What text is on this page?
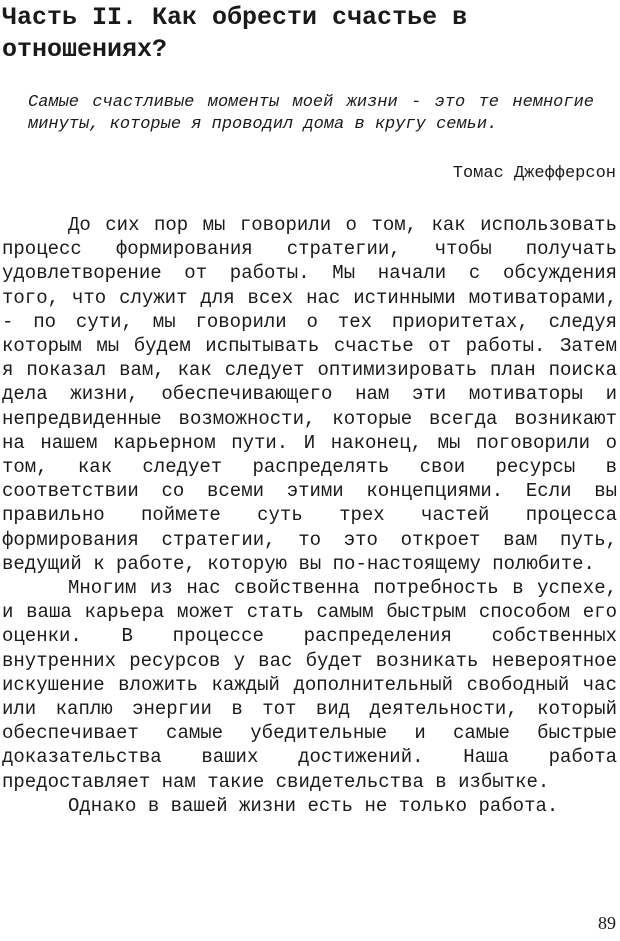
Часть II. Как обрести счастье в отношениях?

Самые счастливые моменты моей жизни - это те немногие минуты, которые я проводил дома в кругу семьи.

Томас Джефферсон

До сих пор мы говорили о том, как использовать процесс формирования стратегии, чтобы получать удовлетворение от работы. Мы начали с обсуждения того, что служит для всех нас истинными мотиваторами, - по сути, мы говорили о тех приоритетах, следуя которым мы будем испытывать счастье от работы. Затем я показал вам, как следует оптимизировать план поиска дела жизни, обеспечивающего нам эти мотиваторы и непредвиденные возможности, которые всегда возникают на нашем карьерном пути. И наконец, мы поговорили о том, как следует распределять свои ресурсы в соответствии со всеми этими концепциями. Если вы правильно поймете суть трех частей процесса формирования стратегии, то это откроет вам путь, ведущий к работе, которую вы по-настоящему полюбите.

Многим из нас свойственна потребность в успехе, и ваша карьера может стать самым быстрым способом его оценки. В процессе распределения собственных внутренних ресурсов у вас будет возникать невероятное искушение вложить каждый дополнительный свободный час или каплю энергии в тот вид деятельности, который обеспечивает самые убедительные и самые быстрые доказательства ваших достижений. Наша работа предоставляет нам такие свидетельства в избытке.

Однако в вашей жизни есть не только работа.

89
